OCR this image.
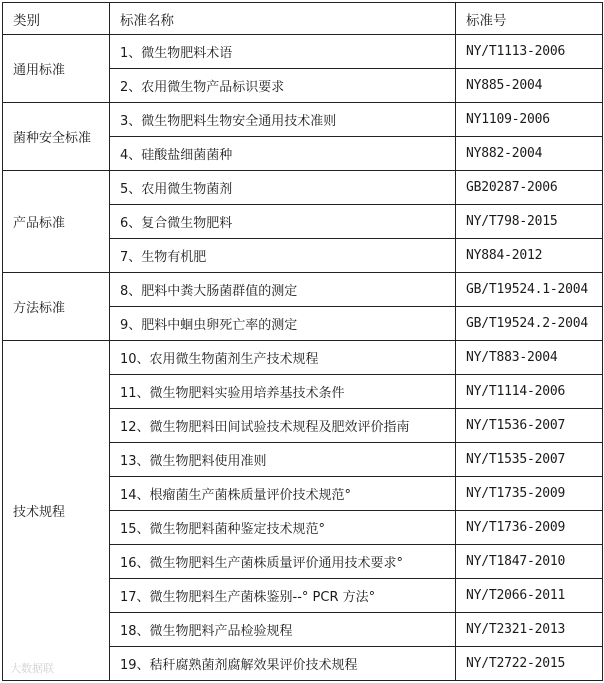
类别	标准名称	标准号
通用标准	1、微生物肥料术语	NY/T1113-2006
	2、农用微生物产品标识要求	NY885-2004
菌种安全标准	3、微生物肥料生物安全通用技术准则	NY1109-2006
	4、硅酸盐细菌菌种	NY882-2004
产品标准	5、农用微生物菌剂	GB20287-2006
	6、复合微生物肥料	NY/T798-2015
	7、生物有机肥	NY884-2012
方法标准	8、肥料中粪大肠菌群值的测定	GB/T19524.1-2004
	9、肥料中蛔虫卵死亡率的测定	GB/T19524.2-2004
技术规程	10、农用微生物菌剂生产技术规程	NY/T883-2004
	11、微生物肥料实验用培养基技术条件	NY/T1114-2006
	12、微生物肥料田间试验技术规程及肥效评价指南	NY/T1536-2007
	13、微生物肥料使用准则	NY/T1535-2007
	14、根瘤菌生产菌株质量评价技术规范°	NY/T1735-2009
	15、微生物肥料菌种鉴定技术规范°	NY/T1736-2009
	16、微生物肥料生产菌株质量评价通用技术要求°	NY/T1847-2010
	17、微生物肥料生产菌株鉴别--° PCR 方法°	NY/T2066-2011
	18、微生物肥料产品检验规程	NY/T2321-2013
	19、秸秆腐熟菌剂腐解效果评价技术规程	NY/T2722-2015
大数据联
